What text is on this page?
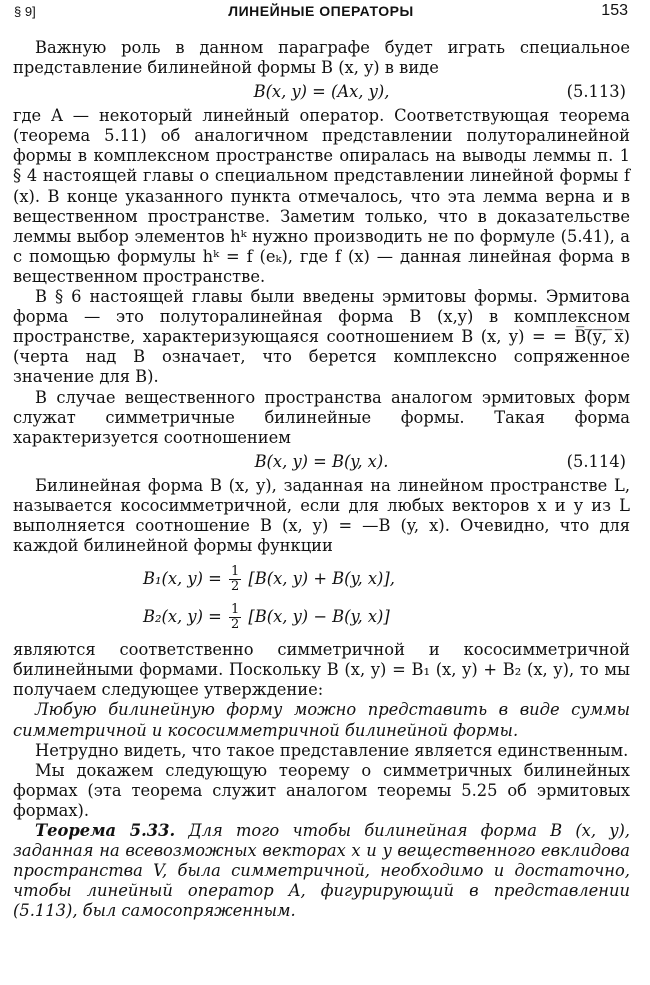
§ 9]	ЛИНЕЙНЫЕ ОПЕРАТОРЫ	153

Важную роль в данном параграфе будет играть специальное представление билинейной формы B (x, y) в виде

B(x, y) = (Ax, y),	(5.113)

где A — некоторый линейный оператор. Соответствующая теорема (теорема 5.11) об аналогичном представлении полуторалинейной формы в комплексном пространстве опиралась на выводы леммы п. 1 § 4 настоящей главы о специальном представлении линейной формы f (x). В конце указанного пункта отмечалось, что эта лемма верна и в вещественном пространстве. Заметим только, что в доказательстве леммы выбор элементов hᵏ нужно производить не по формуле (5.41), а с помощью формулы hᵏ = f (eₖ), где f (x) — данная линейная форма в вещественном пространстве.

В § 6 настоящей главы были введены эрмитовы формы. Эрмитова форма — это полуторалинейная форма B (x,y) в комплексном пространстве, характеризующаяся соотношением B (x, y) = = B̅(̅y̅,̅ ̅x̅) (черта над B означает, что берется комплексно сопряженное значение для B).

В случае вещественного пространства аналогом эрмитовых форм служат симметричные билинейные формы. Такая форма характеризуется соотношением

B(x, y) = B(y, x).	(5.114)

Билинейная форма B (x, y), заданная на линейном пространстве L, называется кососимметричной, если для любых векторов x и y из L выполняется соотношение B (x, y) = —B (y, x). Очевидно, что для каждой билинейной формы функции

B₁(x, $y) = \frac{1}{2} [B(x$, y) + B(y, x)],
B₂(x, $y) = \frac{1}{2} [B(x$, y) − B(y, x)]

являются соответственно симметричной и кососимметричной билинейными формами. Поскольку B (x, y) = B₁ (x, y) + B₂ (x, y), то мы получаем следующее утверждение:

Любую билинейную форму можно представить в виде суммы симметричной и кососимметричной билинейной формы.

Нетрудно видеть, что такое представление является единственным.

Мы докажем следующую теорему о симметричных билинейных формах (эта теорема служит аналогом теоремы 5.25 об эрмитовых формах).

Теорема 5.33. Для того чтобы билинейная форма B (x, y), заданная на всевозможных векторах x и y вещественного евклидова пространства V, была симметричной, необходимо и достаточно, чтобы линейный оператор A, фигурирующий в представлении (5.113), был самосопряженным.
